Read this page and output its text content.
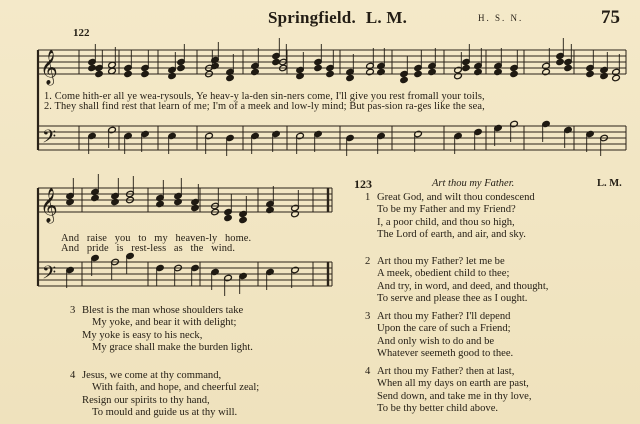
Springfield. L. M.	H. S. N.	75
122
𝄞
𝄢
𝄞
𝄢
1. Come hith-er all ye wea-rysouls, Ye heav-y la-den sin-ners come, I'll give you rest fromall your toils,
2. They shall find rest that learn of me; I'm of a meek and low-ly mind; But pas-sion ra-ges like the sea,
And raise you to my heaven-ly home.
And pride is rest-less as the wind.
3 Blest is the man whose shoulders take
My yoke, and bear it with delight;
My yoke is easy to his neck,
My grace shall make the burden light.
4 Jesus, we come at thy command,
With faith, and hope, and cheerful zeal;
Resign our spirits to thy hand,
To mould and guide us at thy will.
123	Art thou my Father.	L. M.
1 Great God, and wilt thou condescend
To be my Father and my Friend?
I, a poor child, and thou so high,
The Lord of earth, and air, and sky.
2 Art thou my Father? let me be
A meek, obedient child to thee;
And try, in word, and deed, and thought,
To serve and please thee as I ought.
3 Art thou my Father? I'll depend
Upon the care of such a Friend;
And only wish to do and be
Whatever seemeth good to thee.
4 Art thou my Father? then at last,
When all my days on earth are past,
Send down, and take me in thy love,
To be thy better child above.
